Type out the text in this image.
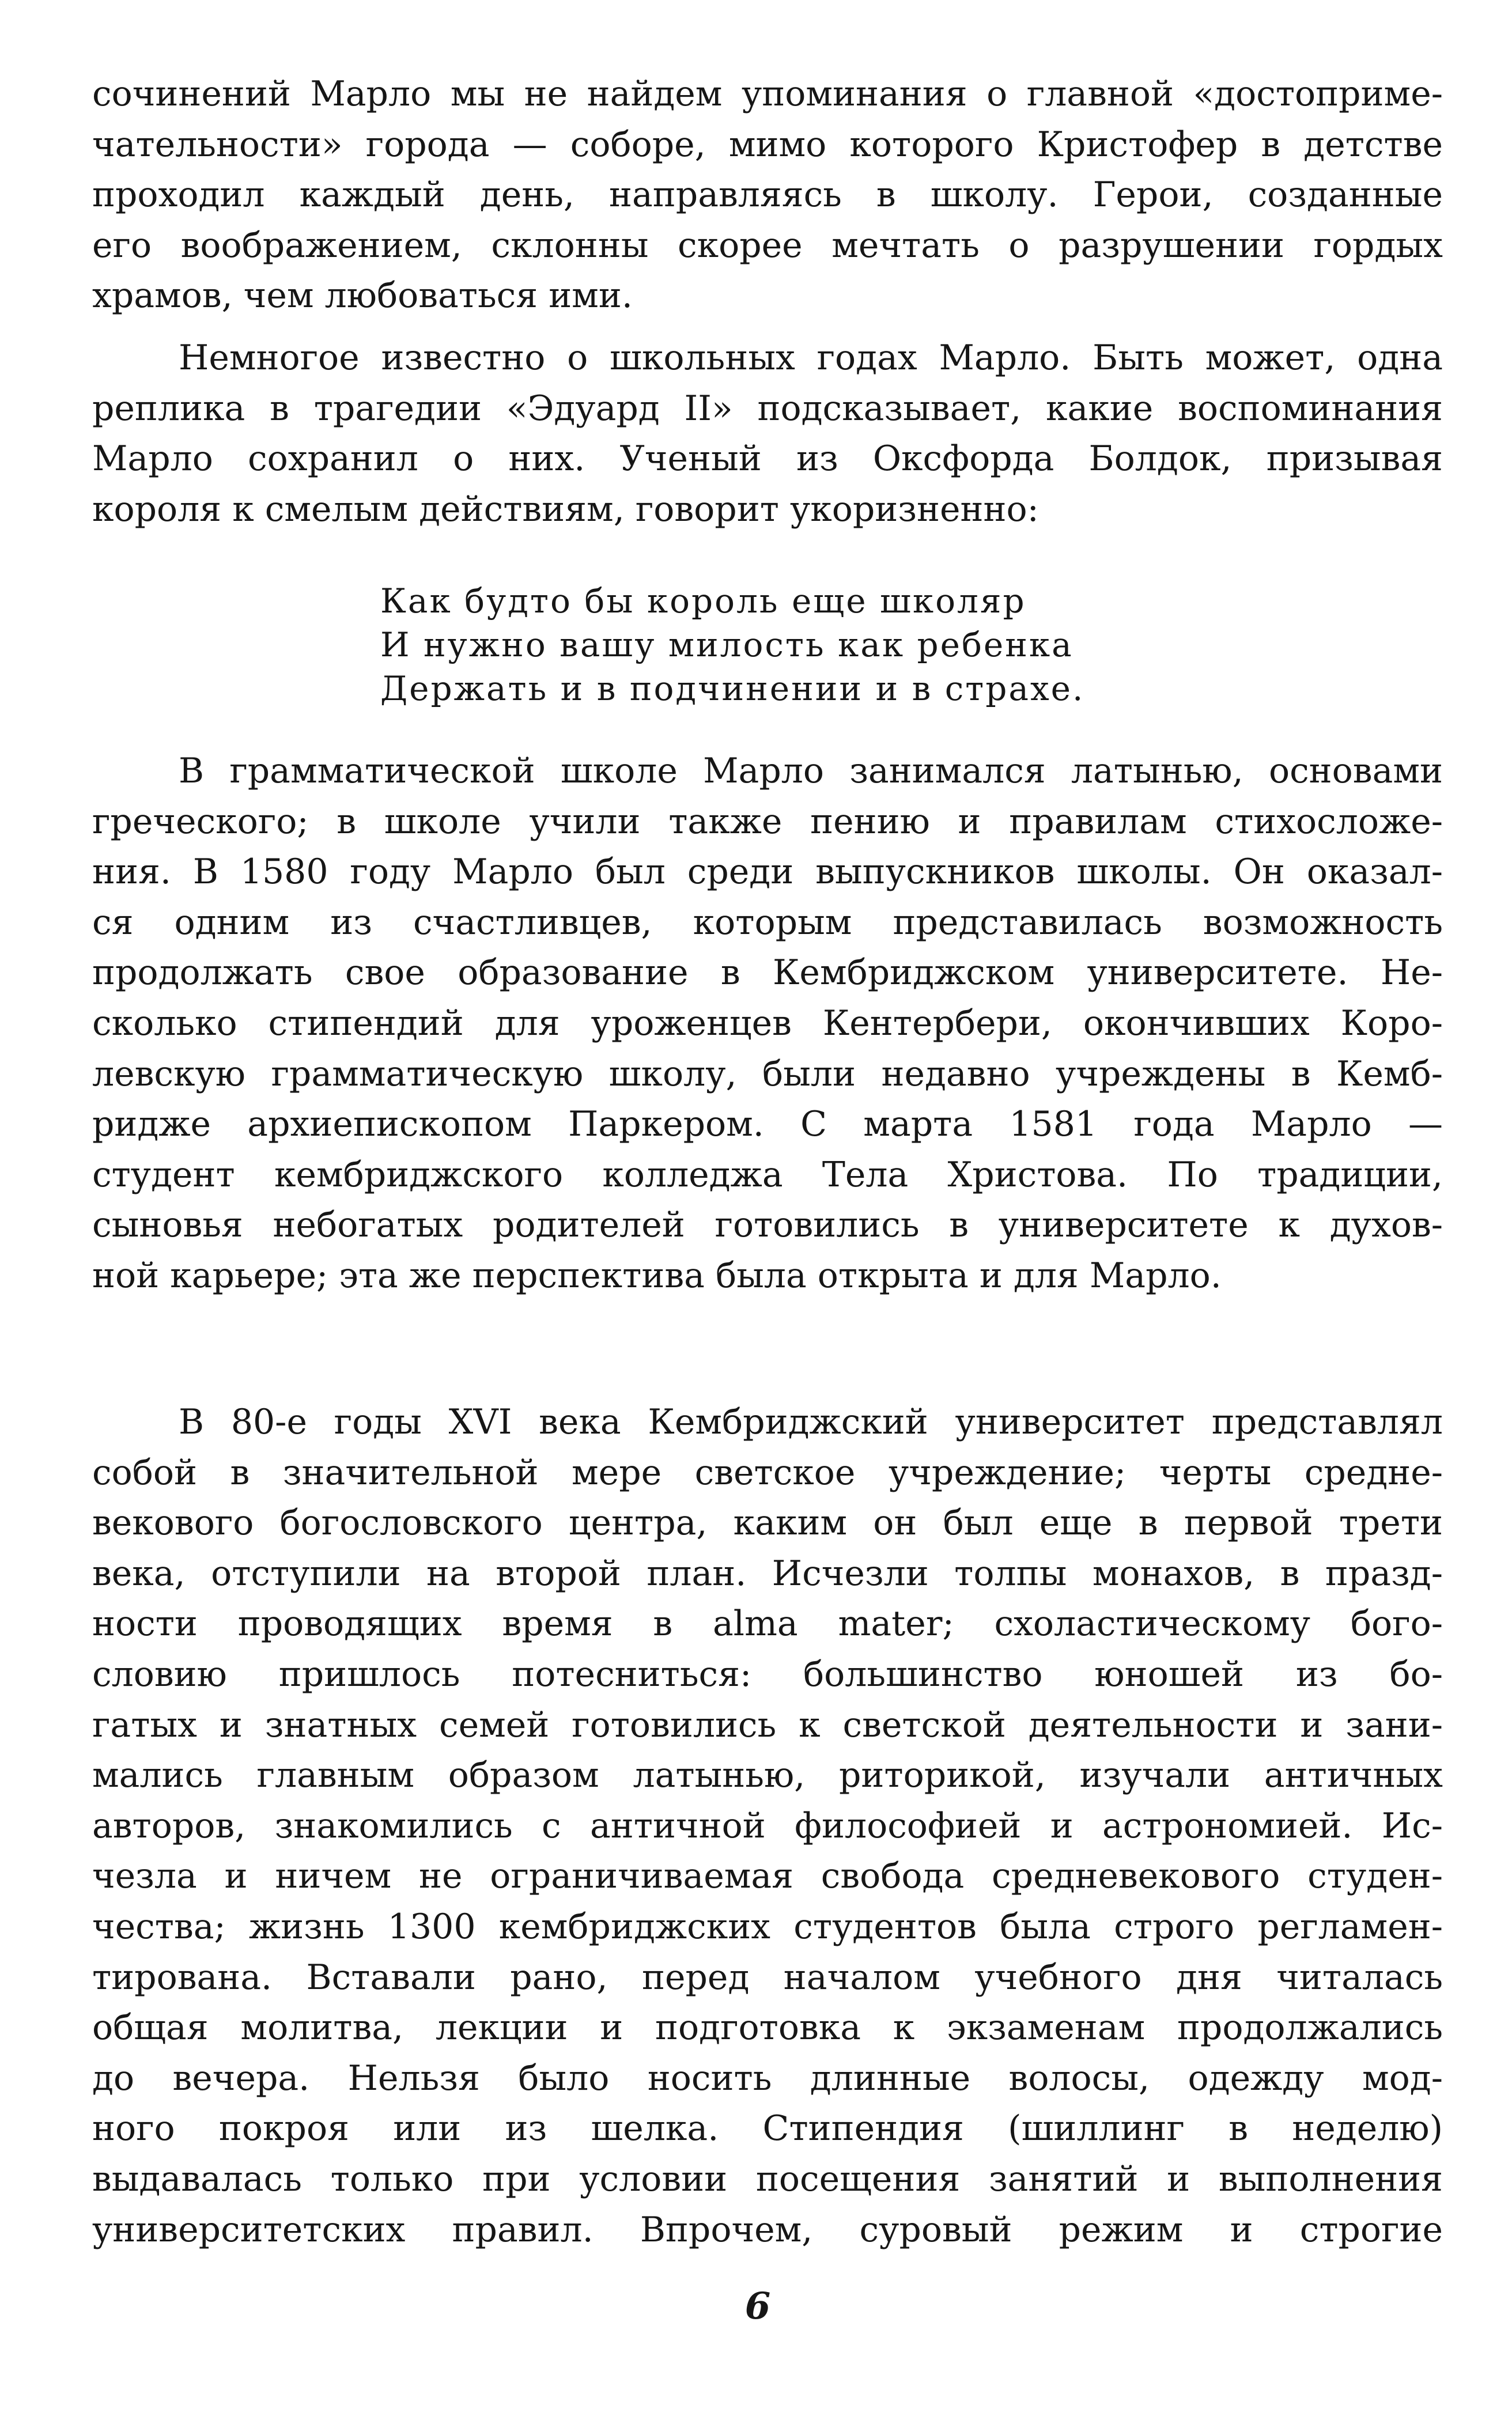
сочинений Марло мы не найдем упоминания о главной «достоприме-
чательности» города — соборе, мимо которого Кристофер в детстве
проходил каждый день, направляясь в школу. Герои, созданные
его воображением, склонны скорее мечтать о разрушении гордых
храмов, чем любоваться ими.
Немногое известно о школьных годах Марло. Быть может, одна
реплика в трагедии «Эдуард II» подсказывает, какие воспоминания
Марло сохранил о них. Ученый из Оксфорда Болдок, призывая
короля к смелым действиям, говорит укоризненно:
Как будто бы король еще школяр
И нужно вашу милость как ребенка
Держать и в подчинении и в страхе.
В грамматической школе Марло занимался латынью, основами
греческого; в школе учили также пению и правилам стихосложе-
ния. В 1580 году Марло был среди выпускников школы. Он оказал-
ся одним из счастливцев, которым представилась возможность
продолжать свое образование в Кембриджском университете. Не-
сколько стипендий для уроженцев Кентербери, окончивших Коро-
левскую грамматическую школу, были недавно учреждены в Кемб-
ридже архиепископом Паркером. С марта 1581 года Марло —
студент кембриджского колледжа Тела Христова. По традиции,
сыновья небогатых родителей готовились в университете к духов-
ной карьере; эта же перспектива была открыта и для Марло.
В 80-е годы XVI века Кембриджский университет представлял
собой в значительной мере светское учреждение; черты средне-
векового богословского центра, каким он был еще в первой трети
века, отступили на второй план. Исчезли толпы монахов, в празд-
ности проводящих время в alma mater; схоластическому бого-
словию пришлось потесниться: большинство юношей из бо-
гатых и знатных семей готовились к светской деятельности и зани-
мались главным образом латынью, риторикой, изучали античных
авторов, знакомились с античной философией и астрономией. Ис-
чезла и ничем не ограничиваемая свобода средневекового студен-
чества; жизнь 1300 кембриджских студентов была строго регламен-
тирована. Вставали рано, перед началом учебного дня читалась
общая молитва, лекции и подготовка к экзаменам продолжались
до вечера. Нельзя было носить длинные волосы, одежду мод-
ного покроя или из шелка. Стипендия (шиллинг в неделю)
выдавалась только при условии посещения занятий и выполнения
университетских правил. Впрочем, суровый режим и строгие
6
